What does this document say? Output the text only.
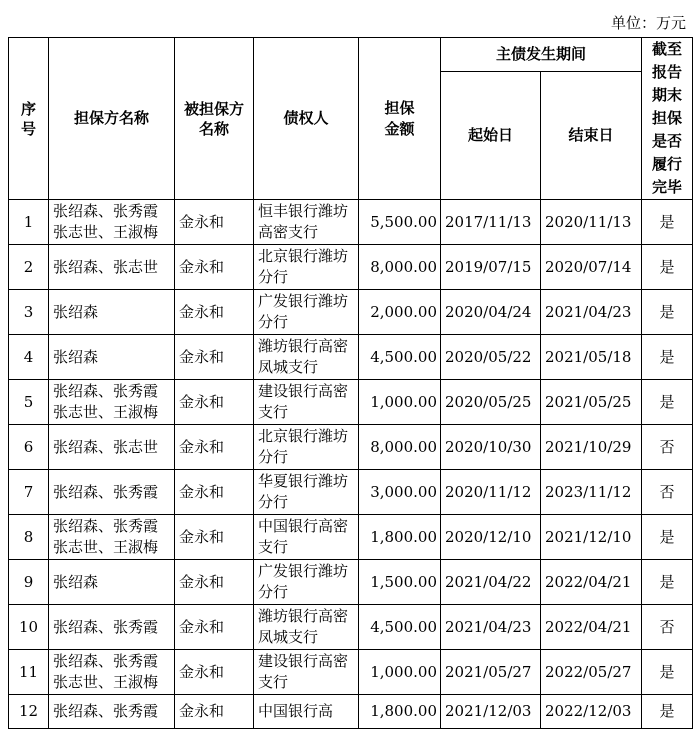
单位：万元
序号	担保方名称	被担保方名称	债权人	担保金额	主债发生期间		截至报告期末担保是否履行完毕

					起始日	结束日	
1	张绍森、张秀霞张志世、王淑梅	金永和	恒丰银行潍坊高密支行	5,500.00	2017/11/13	2020/11/13	是
2	张绍森、张志世	金永和	北京银行潍坊分行	8,000.00	2019/07/15	2020/07/14	是
3	张绍森	金永和	广发银行潍坊分行	2,000.00	2020/04/24	2021/04/23	是
4	张绍森	金永和	潍坊银行高密凤城支行	4,500.00	2020/05/22	2021/05/18	是
5	张绍森、张秀霞张志世、王淑梅	金永和	建设银行高密支行	1,000.00	2020/05/25	2021/05/25	是
6	张绍森、张志世	金永和	北京银行潍坊分行	8,000.00	2020/10/30	2021/10/29	否
7	张绍森、张秀霞	金永和	华夏银行潍坊分行	3,000.00	2020/11/12	2023/11/12	否
8	张绍森、张秀霞张志世、王淑梅	金永和	中国银行高密支行	1,800.00	2020/12/10	2021/12/10	是
9	张绍森	金永和	广发银行潍坊分行	1,500.00	2021/04/22	2022/04/21	是
10	张绍森、张秀霞	金永和	潍坊银行高密凤城支行	4,500.00	2021/04/23	2022/04/21	否
11	张绍森、张秀霞张志世、王淑梅	金永和	建设银行高密支行	1,000.00	2021/05/27	2022/05/27	是
12	张绍森、张秀霞	金永和	中国银行高	1,800.00	2021/12/03	2022/12/03	是
